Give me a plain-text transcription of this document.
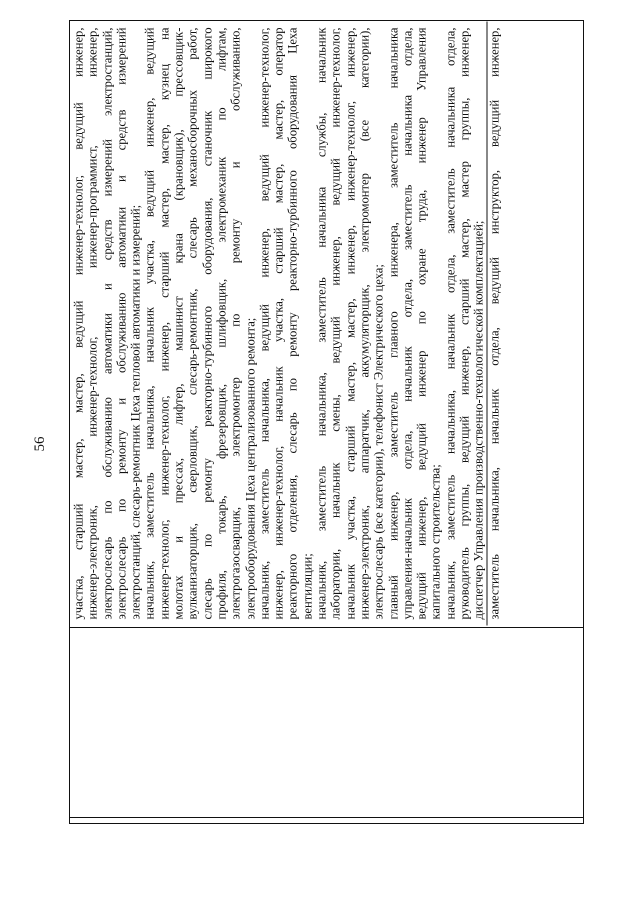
56	участка, старший мастер, мастер, ведущий инженер-технолог, ведущий инженер, инженер-электроник, инженер-технолог, инженер-программист, инженер, электрослесарь по обслуживанию автоматики и средств измерений электростанций, электрослесарь по ремонту и обслуживанию автоматики и средств измерений электростанций, слесарь-ремонтник Цеха тепловой автоматики и измерений; начальник, заместитель начальника, начальник участка, ведущий инженер, ведущий инженер-технолог, инженер-технолог, инженер, старший мастер, мастер, кузнец на молотах и прессах, лифтер, машинист крана (крановщик), прессовщик- вулканизаторщик, сверловщик, слесарь-ремонтник, слесарь механосборочных работ, слесарь по ремонту реакторно-турбинного оборудования, станочник широкого профиля, токарь, фрезеровщик, шлифовщик, электромеханик по лифтам, электрогазосварщик, электромонтер по ремонту и обслуживанию, электрооборудования Цеха централизованного ремонта; начальник, заместитель начальника, ведущий инженер, ведущий инженер-технолог, инженер, инженер-технолог, начальник участка, старший мастер, мастер, оператор реакторного отделения, слесарь по ремонту реакторно-турбинного оборудования Цеха вентиляции; начальник, заместитель начальника, заместитель начальника службы, начальник лаборатории, начальник смены, ведущий инженер, ведущий инженер-технолог, начальник участка, старший мастер, мастер, инженер, инженер-технолог, инженер, инженер-электроник, аппаратчик, аккумуляторщик, электромонтер (все категории), электрослесарь (все категории), телефонист Электрического цеха; главный инженер, заместитель главного инженера, заместитель начальника управления-начальник отдела, начальник отдела, заместитель начальника отдела, ведущий инженер, ведущий инженер по охране труда, инженер Управления капитального строительства; начальник, заместитель начальника, начальник отдела, заместитель начальника отдела, руководитель группы, ведущий инженер, старший мастер, мастер группы, инженер, диспетчер Управления производственно-технологической комплектацией; заместитель начальника, начальник отдела, ведущий инструктор, ведущий инженер,
